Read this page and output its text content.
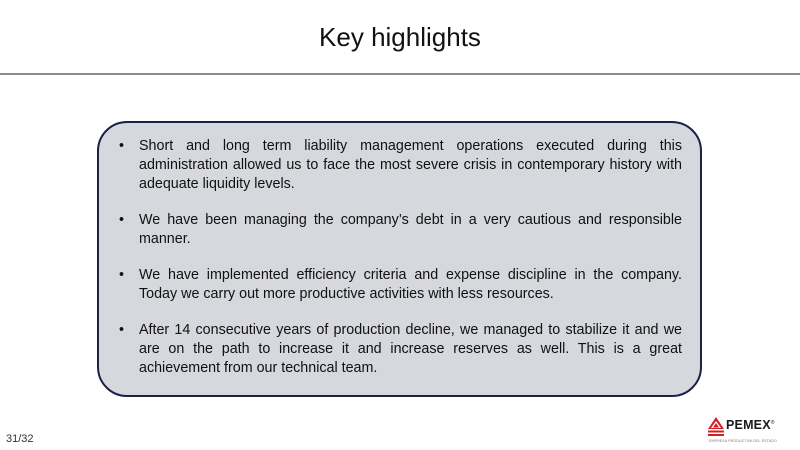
Key highlights
• Short and long term liability management operations executed during this administration allowed us to face the most severe crisis in contemporary history with adequate liquidity levels.
• We have been managing the company’s debt in a very cautious and responsible manner.
• We have implemented efficiency criteria and expense discipline in the company. Today we carry out more productive activities with less resources.
• After 14 consecutive years of production decline, we managed to stabilize it and we are on the path to increase it and increase reserves as well. This is a great achievement from our technical team.
31/32
PEMEX®
EMPRESA PRODUCTIVA DEL ESTADO
